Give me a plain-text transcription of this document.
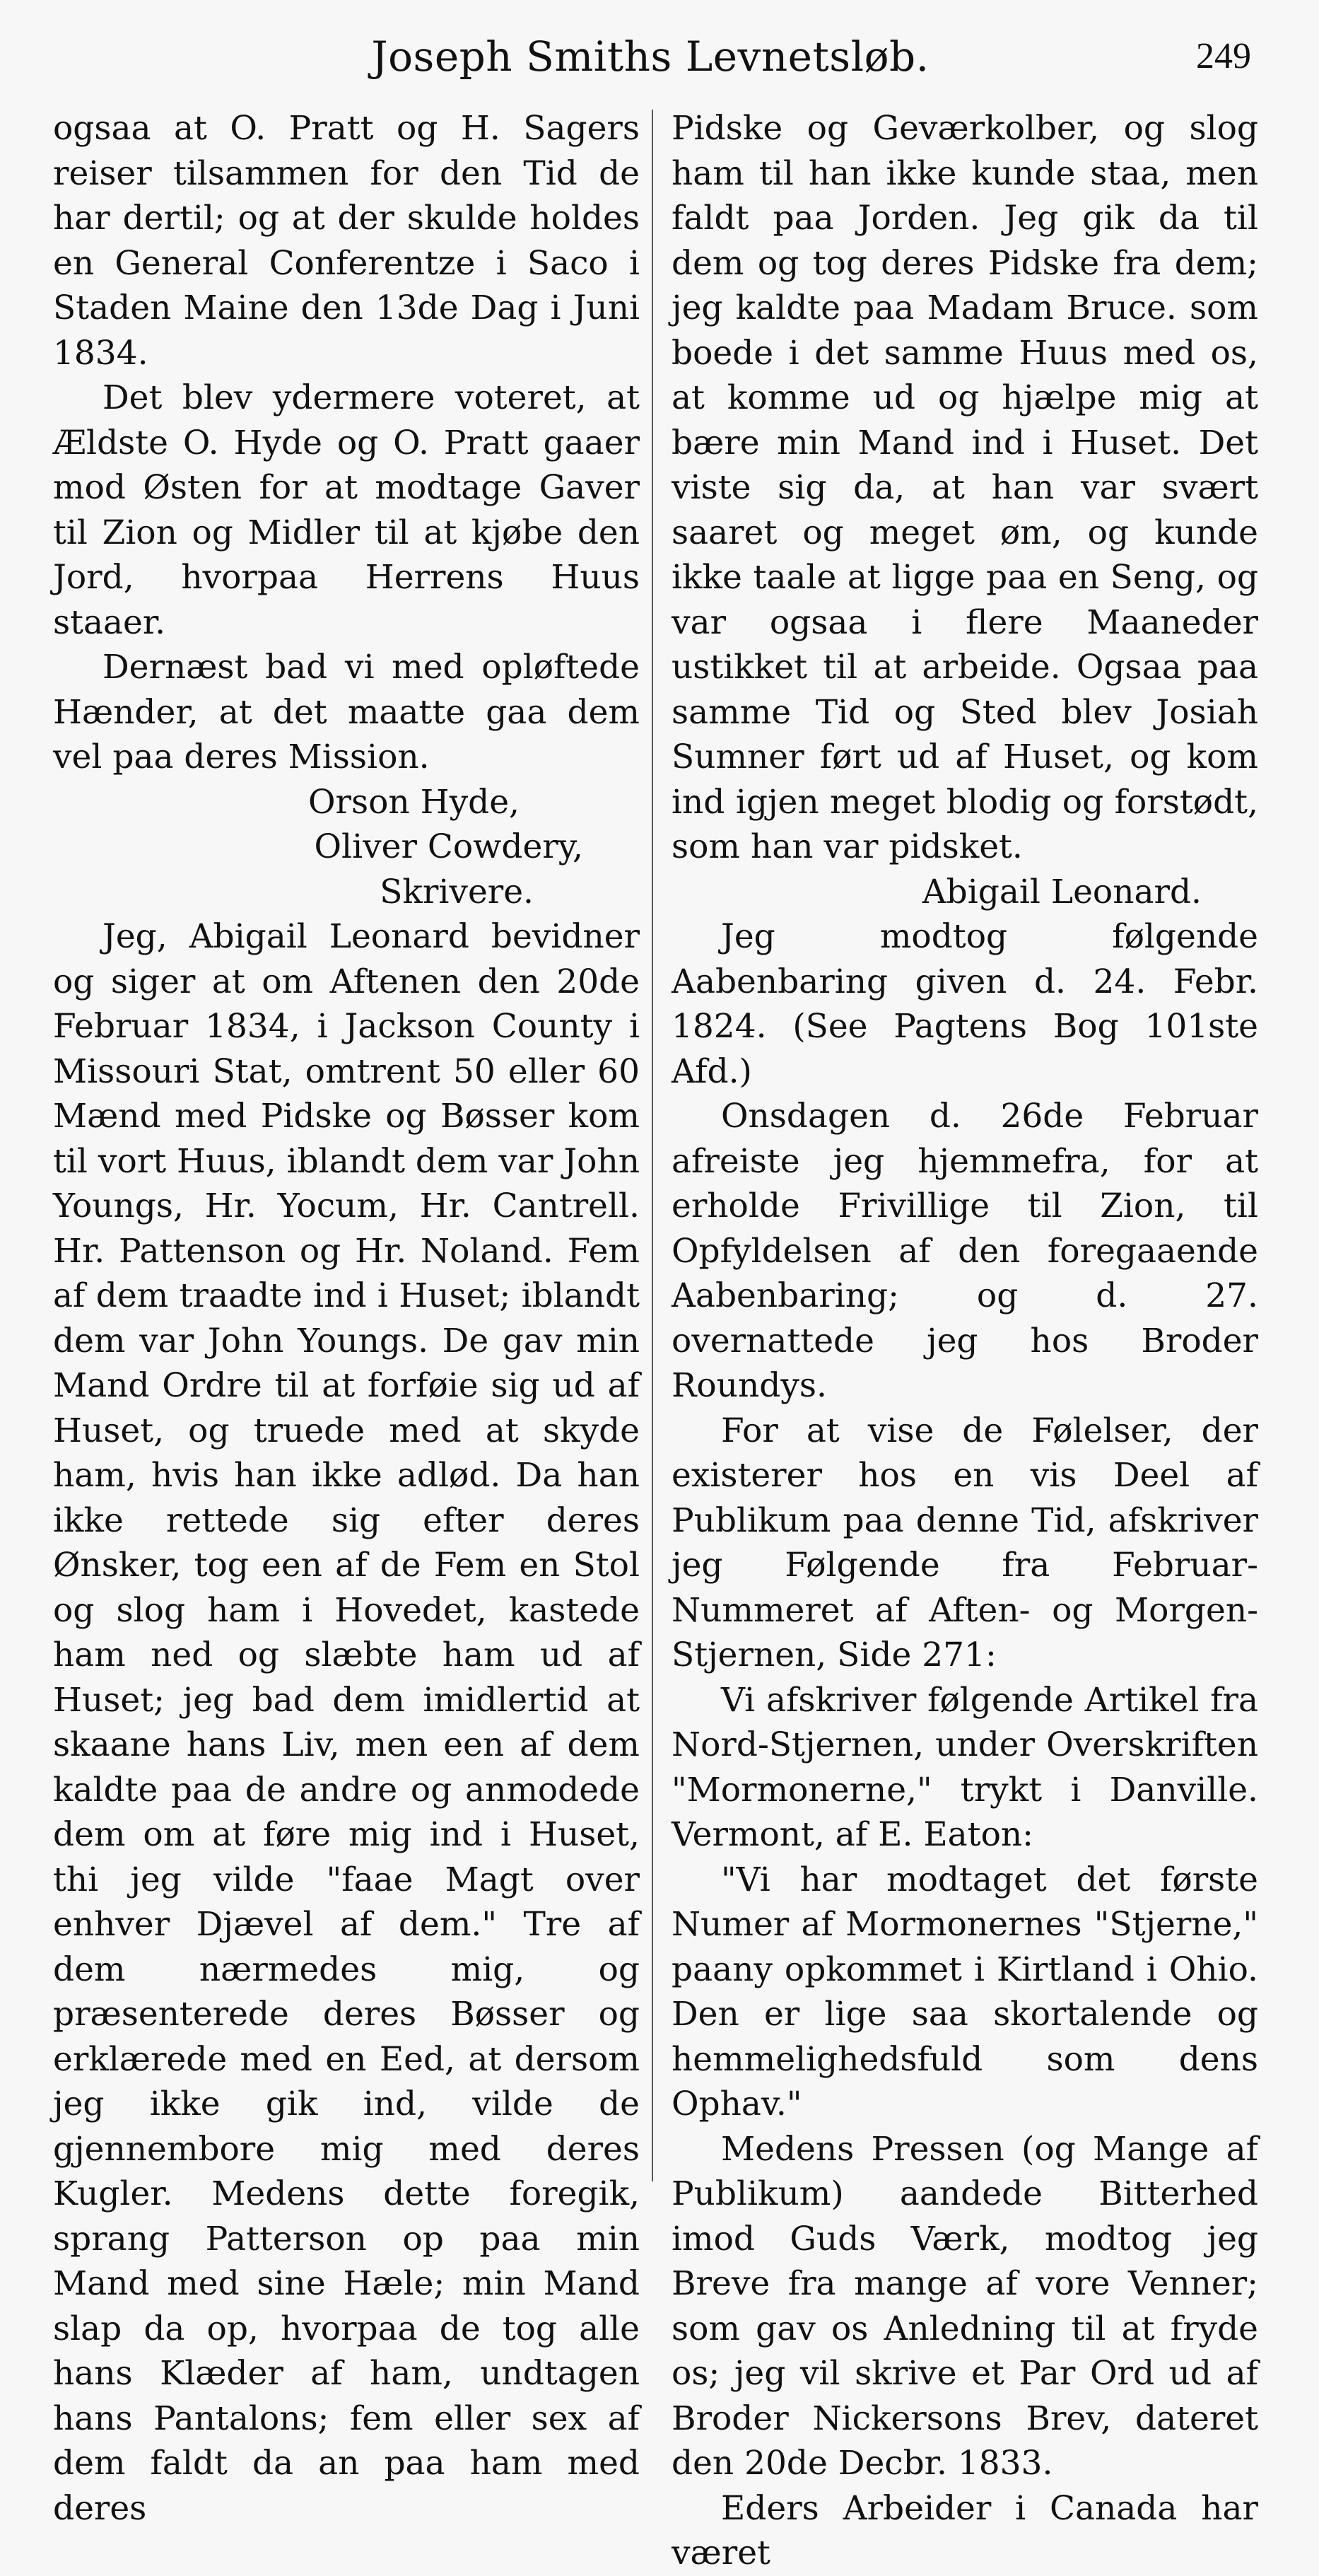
Joseph Smiths Levnetsløb.	249

ogsaa at O. Pratt og H. Sagers reiser tilsammen for den Tid de har dertil; og at der skulde holdes en General Conferentze i Saco i Staden Maine den 13de Dag i Juni 1834.

Det blev ydermere voteret, at Ældste O. Hyde og O. Pratt gaaer mod Østen for at modtage Gaver til Zion og Midler til at kjøbe den Jord, hvorpaa Herrens Huus staaer.

Dernæst bad vi med opløftede Hænder, at det maatte gaa dem vel paa deres Mission.

Orson Hyde,

Oliver Cowdery,

Skrivere.

Jeg, Abigail Leonard bevidner og siger at om Aftenen den 20de Februar 1834, i Jackson County i Missouri Stat, omtrent 50 eller 60 Mænd med Pidske og Bøsser kom til vort Huus, iblandt dem var John Youngs, Hr. Yocum, Hr. Cantrell. Hr. Pattenson og Hr. Noland. Fem af dem traadte ind i Huset; iblandt dem var John Youngs. De gav min Mand Ordre til at forføie sig ud af Huset, og truede med at skyde ham, hvis han ikke adlød. Da han ikke rettede sig efter deres Ønsker, tog een af de Fem en Stol og slog ham i Hovedet, kastede ham ned og slæbte ham ud af Huset; jeg bad dem imidlertid at skaane hans Liv, men een af dem kaldte paa de andre og anmodede dem om at føre mig ind i Huset, thi jeg vilde "faae Magt over enhver Djævel af dem." Tre af dem nærmedes mig, og præsenterede deres Bøsser og erklærede med en Eed, at dersom jeg ikke gik ind, vilde de gjennembore mig med deres Kugler. Medens dette foregik, sprang Patterson op paa min Mand med sine Hæle; min Mand slap da op, hvorpaa de tog alle hans Klæder af ham, undtagen hans Pantalons; fem eller sex af dem faldt da an paa ham med deres

Pidske og Geværkolber, og slog ham til han ikke kunde staa, men faldt paa Jorden. Jeg gik da til dem og tog deres Pidske fra dem; jeg kaldte paa Madam Bruce. som boede i det samme Huus med os, at komme ud og hjælpe mig at bære min Mand ind i Huset. Det viste sig da, at han var svært saaret og meget øm, og kunde ikke taale at ligge paa en Seng, og var ogsaa i flere Maaneder ustikket til at arbeide. Ogsaa paa samme Tid og Sted blev Josiah Sumner ført ud af Huset, og kom ind igjen meget blodig og forstødt, som han var pidsket.

Abigail Leonard.

Jeg modtog følgende Aabenbaring given d. 24. Febr. 1824. (See Pagtens Bog 101ste Afd.)

Onsdagen d. 26de Februar afreiste jeg hjemmefra, for at erholde Frivillige til Zion, til Opfyldelsen af den foregaaende Aabenbaring; og d. 27. overnattede jeg hos Broder Roundys.

For at vise de Følelser, der existerer hos en vis Deel af Publikum paa denne Tid, afskriver jeg Følgende fra Februar-Nummeret af Aften- og Morgen-Stjernen, Side 271:

Vi afskriver følgende Artikel fra Nord-Stjernen, under Overskriften "Mormonerne," trykt i Danville. Vermont, af E. Eaton:

"Vi har modtaget det første Numer af Mormonernes "Stjerne," paany opkommet i Kirtland i Ohio. Den er lige saa skortalende og hemmelighedsfuld som dens Ophav."

Medens Pressen (og Mange af Publikum) aandede Bitterhed imod Guds Værk, modtog jeg Breve fra mange af vore Venner; som gav os Anledning til at fryde os; jeg vil skrive et Par Ord ud af Broder Nickersons Brev, dateret den 20de Decbr. 1833.

Eders Arbeider i Canada har været
